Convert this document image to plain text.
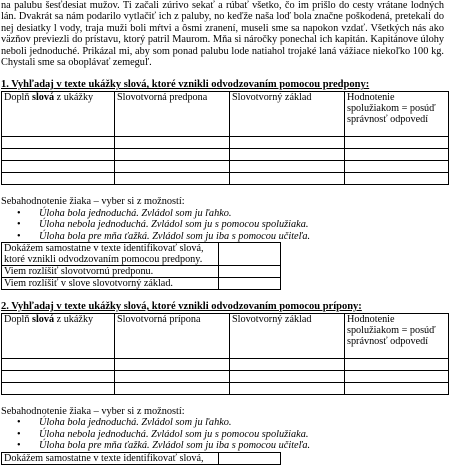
na palubu šesťdesiat mužov. Ti začali zúrivo sekať a rúbať všetko, čo im prišlo do cesty vrátane lodných lán. Dvakrát sa nám podarilo vytlačiť ich z paluby, no keďže naša loď bola značne poškodená, pretekali do nej desiatky l vody, traja muži boli mŕtvi a ôsmi zranení, museli sme sa napokon vzdať. Všetkých nás ako väzňov previezli do prístavu, ktorý patril Maurom. Mňa si náročky ponechal ich kapitán. Kapitánove úlohy neboli jednoduché. Prikázal mi, aby som ponad palubu lode natiahol trojaké laná vážiace niekoľko 100 kg. Chystali sme sa oboplávať zemeguľ.

1. Vyhľadaj v texte ukážky slová, ktoré vznikli odvodzovaním pomocou predpony:
Doplň slová z ukážky	Slovotvorná predpona	Slovotvorný základ	Hodnotenie spolužiakom = posúď správnosť odpovedí

Sebahodnotenie žiaka – vyber si z možností:

• Úloha bola jednoduchá. Zvládol som ju ľahko.
• Úloha nebola jednoduchá. Zvládol som ju s pomocou spolužiaka.
• Úloha bola pre mňa ťažká. Zvládol som ju iba s pomocou učiteľa.
Dokážem samostatne v texte identifikovať slová, ktoré vznikli odvodzovaním pomocou predpony.	
Viem rozlíšiť slovotvornú predponu.	
Viem rozlíšiť v slove slovotvorný základ.	
2. Vyhľadaj v texte ukážky slová, ktoré vznikli odvodzovaním pomocou prípony:
Doplň slová z ukážky	Slovotvorná prípona	Slovotvorný základ	Hodnotenie spolužiakom = posúď správnosť odpovedí

Sebahodnotenie žiaka – vyber si z možností:

• Úloha bola jednoduchá. Zvládol som ju ľahko.
• Úloha nebola jednoduchá. Zvládol som ju s pomocou spolužiaka.
• Úloha bola pre mňa ťažká. Zvládol som ju iba s pomocou učiteľa.
Dokážem samostatne v texte identifikovať slová,	
